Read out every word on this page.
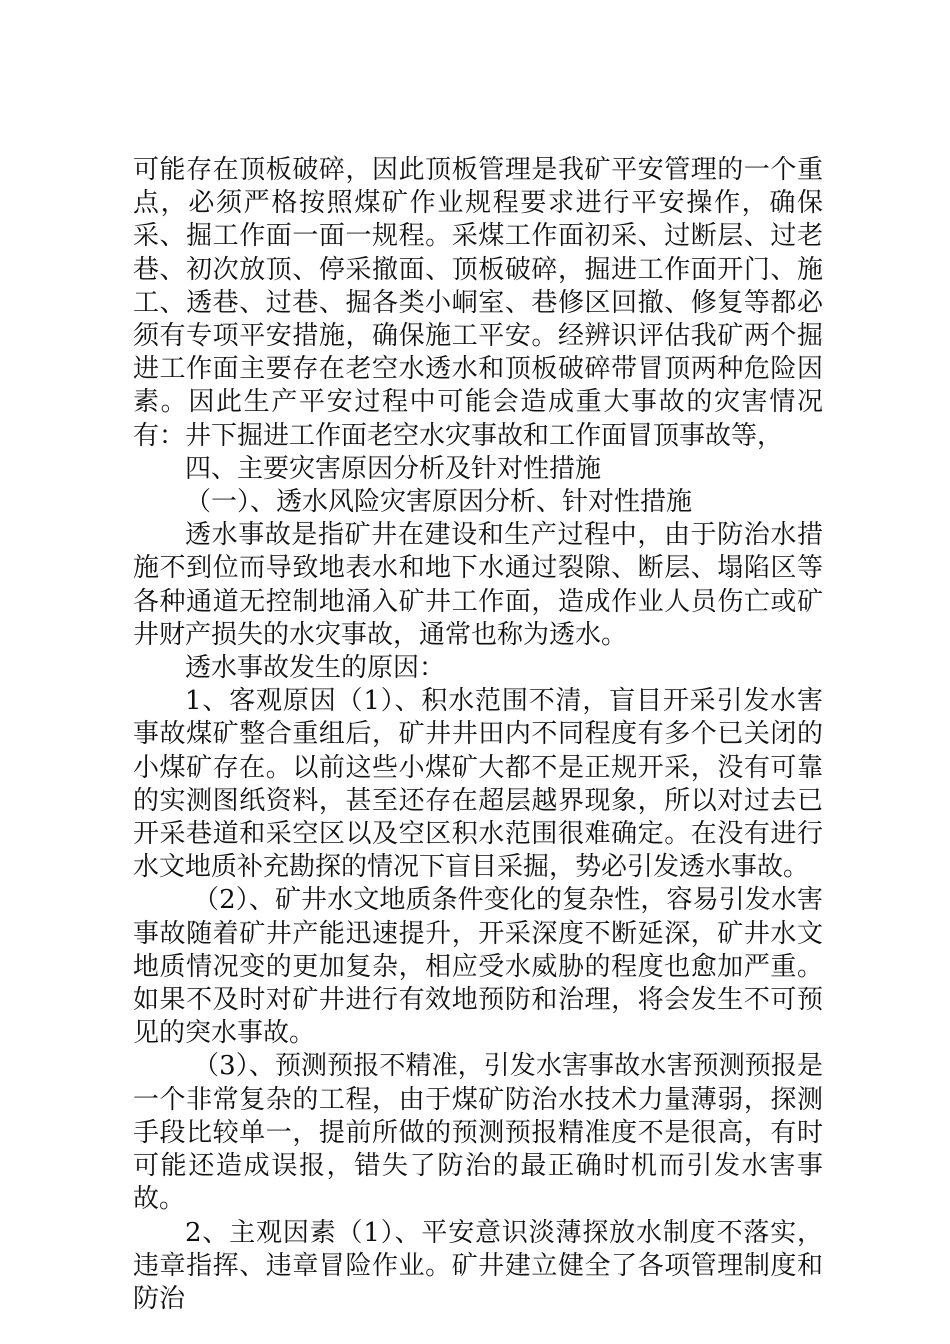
可能存在顶板破碎，因此顶板管理是我矿平安管理的一个重点，必须严格按照煤矿作业规程要求进行平安操作，确保采、掘工作面一面一规程。采煤工作面初采、过断层、过老巷、初次放顶、停采撤面、顶板破碎，掘进工作面开门、施工、透巷、过巷、掘各类小峒室、巷修区回撤、修复等都必须有专项平安措施，确保施工平安。经辨识评估我矿两个掘进工作面主要存在老空水透水和顶板破碎带冒顶两种危险因素。因此生产平安过程中可能会造成重大事故的灾害情况有：井下掘进工作面老空水灾事故和工作面冒顶事故等，

四、主要灾害原因分析及针对性措施

（一）、透水风险灾害原因分析、针对性措施

透水事故是指矿井在建设和生产过程中，由于防治水措施不到位而导致地表水和地下水通过裂隙、断层、塌陷区等各种通道无控制地涌入矿井工作面，造成作业人员伤亡或矿井财产损失的水灾事故，通常也称为透水。

透水事故发生的原因：

1、客观原因（1）、积水范围不清，盲目开采引发水害事故煤矿整合重组后，矿井井田内不同程度有多个已关闭的小煤矿存在。以前这些小煤矿大都不是正规开采，没有可靠的实测图纸资料，甚至还存在超层越界现象，所以对过去已开采巷道和采空区以及空区积水范围很难确定。在没有进行水文地质补充勘探的情况下盲目采掘，势必引发透水事故。

（2）、矿井水文地质条件变化的复杂性，容易引发水害事故随着矿井产能迅速提升，开采深度不断延深，矿井水文地质情况变的更加复杂，相应受水威胁的程度也愈加严重。如果不及时对矿井进行有效地预防和治理，将会发生不可预见的突水事故。

（3）、预测预报不精准，引发水害事故水害预测预报是一个非常复杂的工程，由于煤矿防治水技术力量薄弱，探测手段比较单一，提前所做的预测预报精准度不是很高，有时可能还造成误报，错失了防治的最正确时机而引发水害事故。

2、主观因素（1）、平安意识淡薄探放水制度不落实，违章指挥、违章冒险作业。矿井建立健全了各项管理制度和防治
